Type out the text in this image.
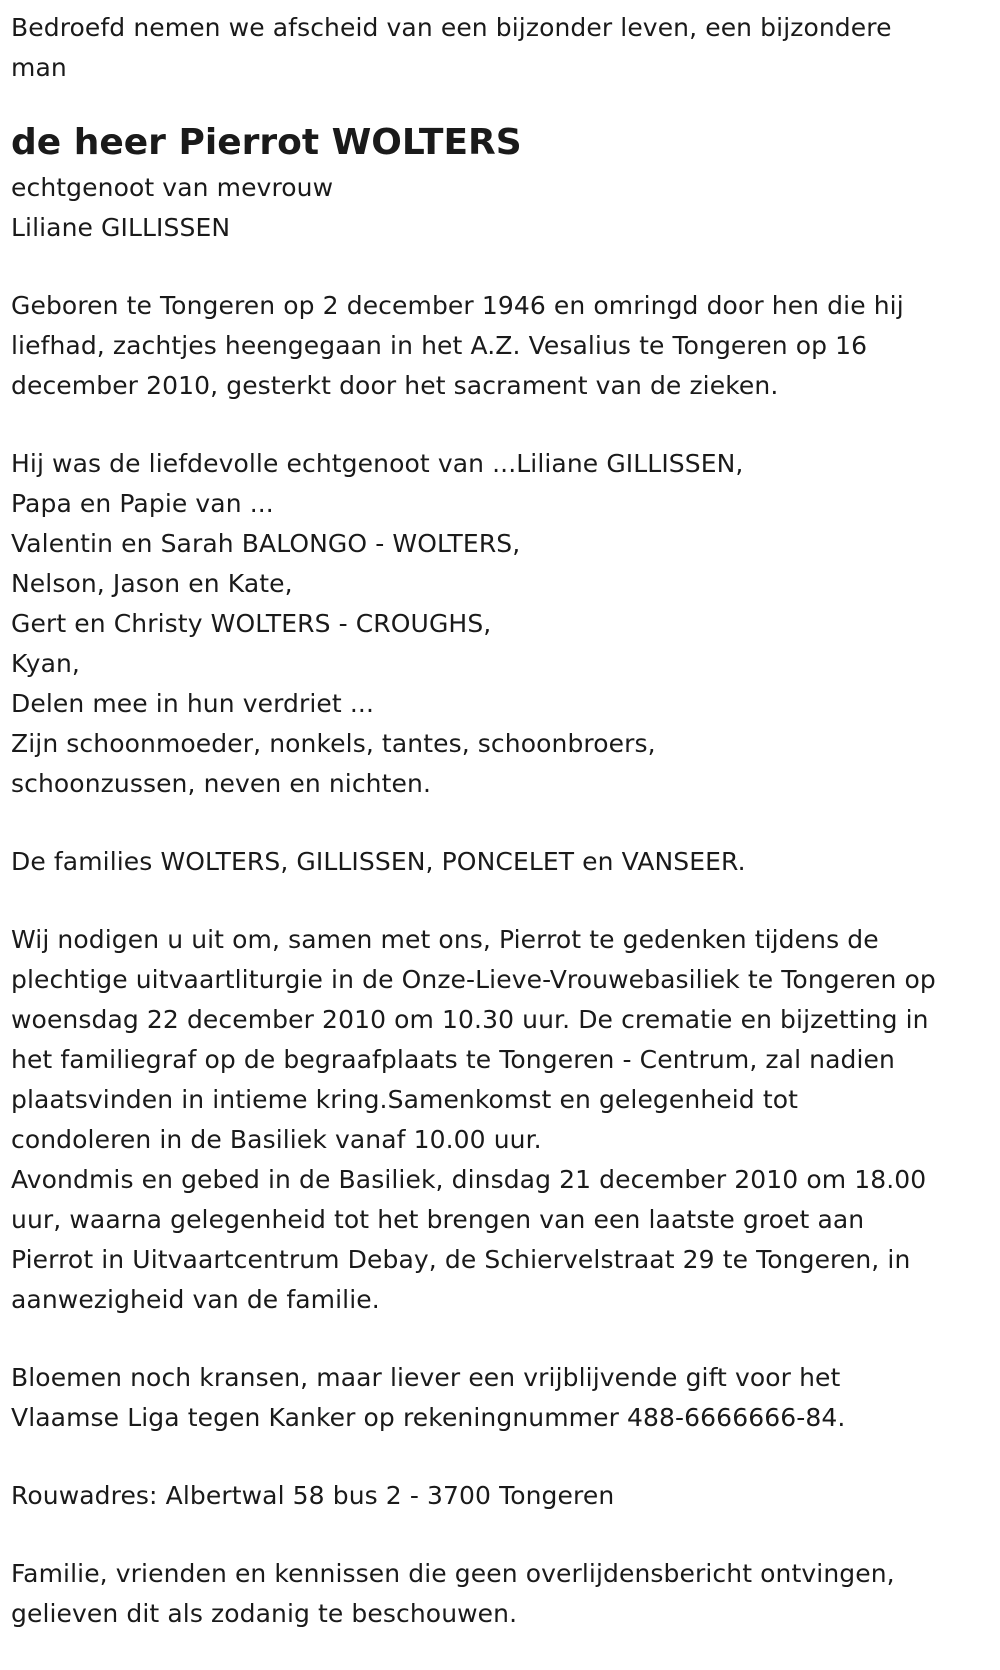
Bedroefd nemen we afscheid van een bijzonder leven, een bijzondere
man

de heer Pierrot WOLTERS

echtgenoot van mevrouw
Liliane GILLISSEN

Geboren te Tongeren op 2 december 1946 en omringd door hen die hij
liefhad, zachtjes heengegaan in het A.Z. Vesalius te Tongeren op 16
december 2010, gesterkt door het sacrament van de zieken.

Hij was de liefdevolle echtgenoot van ...Liliane GILLISSEN,
Papa en Papie van ...
Valentin en Sarah BALONGO - WOLTERS,
Nelson, Jason en Kate,
Gert en Christy WOLTERS - CROUGHS,
Kyan,
Delen mee in hun verdriet ...
Zijn schoonmoeder, nonkels, tantes, schoonbroers,
schoonzussen, neven en nichten.

De families WOLTERS, GILLISSEN, PONCELET en VANSEER.

Wij nodigen u uit om, samen met ons, Pierrot te gedenken tijdens de
plechtige uitvaartliturgie in de Onze-Lieve-Vrouwebasiliek te Tongeren op
woensdag 22 december 2010 om 10.30 uur. De crematie en bijzetting in
het familiegraf op de begraafplaats te Tongeren - Centrum, zal nadien
plaatsvinden in intieme kring.Samenkomst en gelegenheid tot
condoleren in de Basiliek vanaf 10.00 uur.
Avondmis en gebed in de Basiliek, dinsdag 21 december 2010 om 18.00
uur, waarna gelegenheid tot het brengen van een laatste groet aan
Pierrot in Uitvaartcentrum Debay, de Schiervelstraat 29 te Tongeren, in
aanwezigheid van de familie.

Bloemen noch kransen, maar liever een vrijblijvende gift voor het
Vlaamse Liga tegen Kanker op rekeningnummer 488-6666666-84.

Rouwadres: Albertwal 58 bus 2 - 3700 Tongeren

Familie, vrienden en kennissen die geen overlijdensbericht ontvingen,
gelieven dit als zodanig te beschouwen.
